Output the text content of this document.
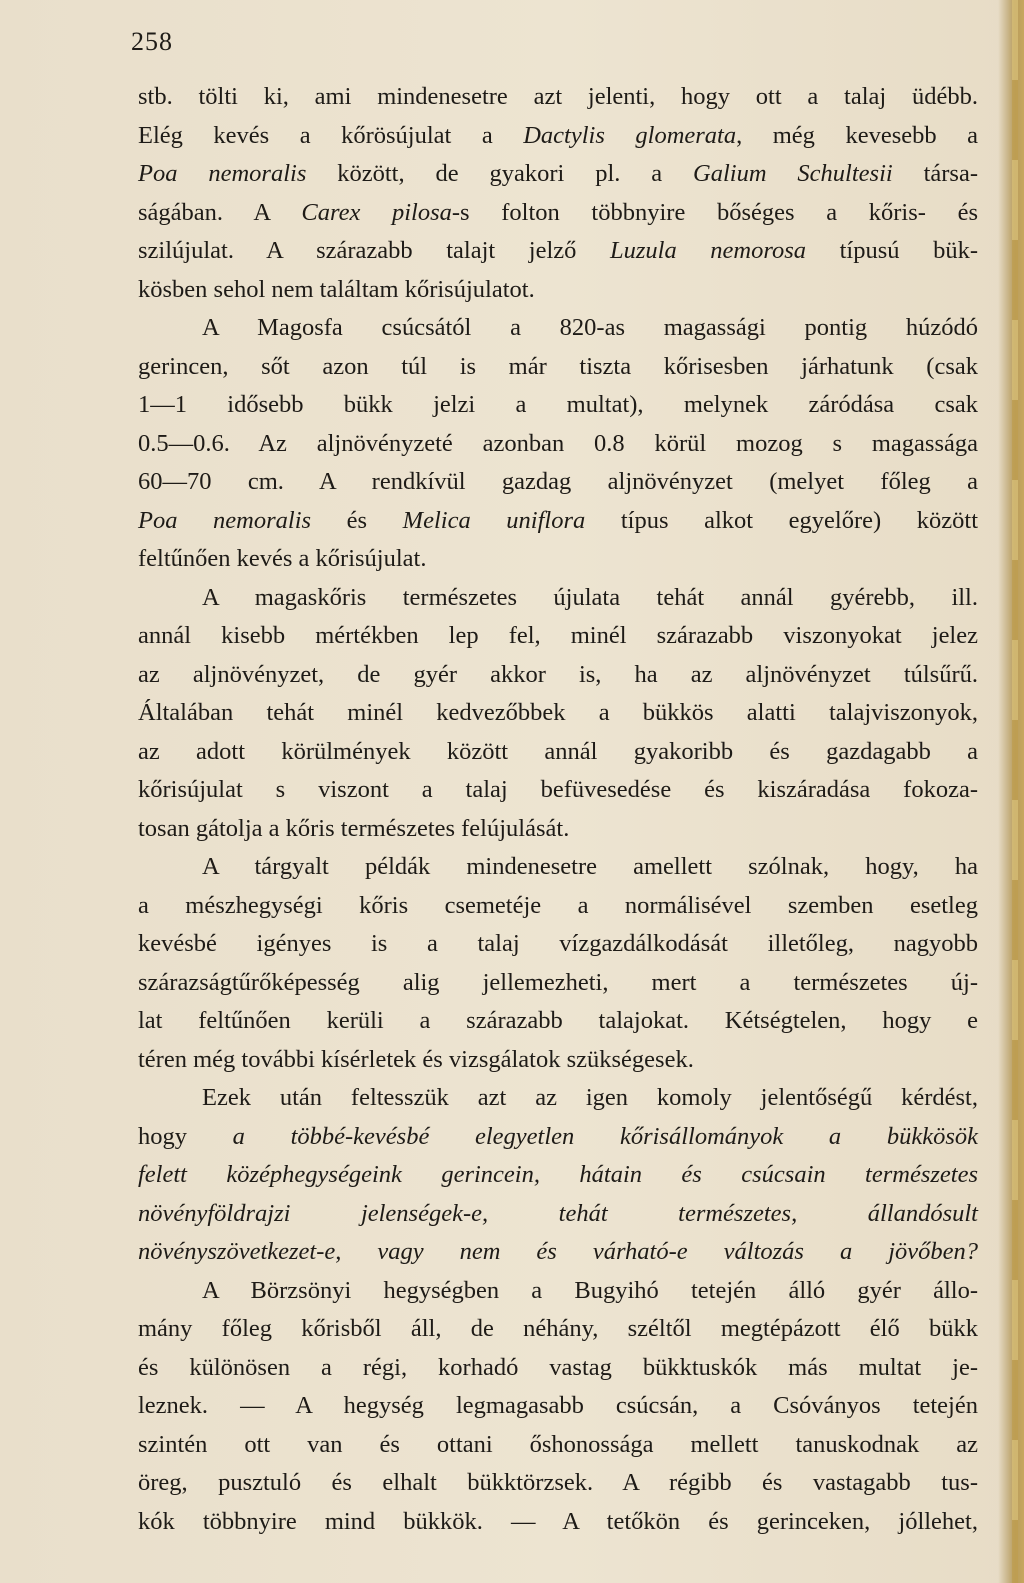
258
stb. tölti ki, ami mindenesetre azt jelenti, hogy ott a talaj üdébb.
Elég kevés a kőrösújulat a Dactylis glomerata, még kevesebb a
Poa nemoralis között, de gyakori pl. a Galium Schultesii társa-
ságában. A Carex pilosa-s folton többnyire bőséges a kőris- és
szilújulat. A szárazabb talajt jelző Luzula nemorosa típusú bük-
kösben sehol nem találtam kőrisújulatot.
A Magosfa csúcsától a 820-as magassági pontig húzódó
gerincen, sőt azon túl is már tiszta kőrisesben járhatunk (csak
1—1 idősebb bükk jelzi a multat), melynek záródása csak
0.5—0.6. Az aljnövényzeté azonban 0.8 körül mozog s magassága
60—70 cm. A rendkívül gazdag aljnövényzet (melyet főleg a
Poa nemoralis és Melica uniflora típus alkot egyelőre) között
feltűnően kevés a kőrisújulat.
A magaskőris természetes újulata tehát annál gyérebb, ill.
annál kisebb mértékben lep fel, minél szárazabb viszonyokat jelez
az aljnövényzet, de gyér akkor is, ha az aljnövényzet túlsűrű.
Általában tehát minél kedvezőbbek a bükkös alatti talajviszonyok,
az adott körülmények között annál gyakoribb és gazdagabb a
kőrisújulat s viszont a talaj befüvesedése és kiszáradása fokoza-
tosan gátolja a kőris természetes felújulását.
A tárgyalt példák mindenesetre amellett szólnak, hogy, ha
a mészhegységi kőris csemetéje a normálisével szemben esetleg
kevésbé igényes is a talaj vízgazdálkodását illetőleg, nagyobb
szárazságtűrőképesség alig jellemezheti, mert a természetes új-
lat feltűnően kerüli a szárazabb talajokat. Kétségtelen, hogy e
téren még további kísérletek és vizsgálatok szükségesek.
Ezek után feltesszük azt az igen komoly jelentőségű kérdést,
hogy a többé-kevésbé elegyetlen kőrisállományok a bükkösök
felett középhegységeink gerincein, hátain és csúcsain természetes
növényföldrajzi jelenségek-e, tehát természetes, állandósult
növényszövetkezet-e, vagy nem és várható-e változás a jövőben?
A Börzsönyi hegységben a Bugyihó tetején álló gyér állo-
mány főleg kőrisből áll, de néhány, széltől megtépázott élő bükk
és különösen a régi, korhadó vastag bükktuskók más multat je-
leznek. — A hegység legmagasabb csúcsán, a Csóványos tetején
szintén ott van és ottani őshonossága mellett tanuskodnak az
öreg, pusztuló és elhalt bükktörzsek. A régibb és vastagabb tus-
kók többnyire mind bükkök. — A tetőkön és gerinceken, jóllehet,
